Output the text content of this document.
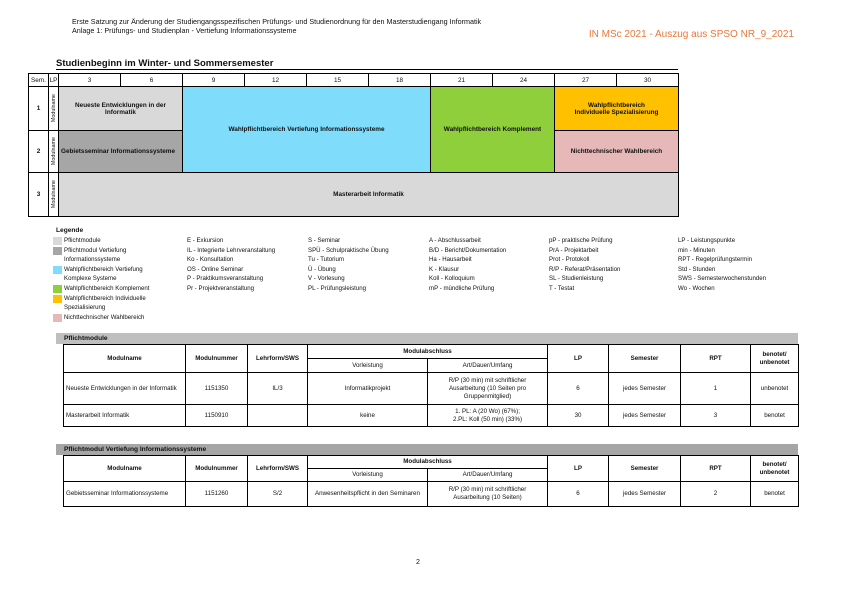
Erste Satzung zur Änderung der Studiengangsspezifischen Prüfungs- und Studienordnung für den Masterstudiengang Informatik
Anlage 1: Prüfungs- und Studienplan - Vertiefung Informationssysteme	IN MSc 2021 - Auszug aus SPSO NR_9_2021
Studienbeginn im Winter- und Sommersemester
Sem.	LP	3	6	9	12	15	18	21	24	27	30
1	Modulname	Neueste Entwicklungen in der Informatik		Wahlpflichtbereich Vertiefung Informationssysteme				Wahlpflichtbereich Komplement		Wahlpflichtbereich
Individuelle Spezialisierung	

2	Modulname	Gebietsseminar Informationssysteme								Nichttechnischer Wahlbereich	
3	Modulname	Masterarbeit Informatik									
Legende
Pflichtmodule
Pflichtmodul Vertiefung Informationssysteme
Wahlpflichtbereich Vertiefung Komplexe Systeme
Wahlpflichtbereich Komplement
Wahlpflichtbereich Individuelle Spezialisierung
Nichttechnischer Wahlbereich
E - Exkursion
IL - Integrierte Lehrveranstaltung
Ko - Konsultation
OS - Online Seminar
P - Praktikumsveranstaltung
Pr - Projektveranstaltung
S - Seminar
SPÜ - Schulpraktische Übung
Tu - Tutorium
Ü - Übung
V - Vorlesung
PL - Prüfungsleistung
A - Abschlussarbeit
B/D - Bericht/Dokumentation
Ha - Hausarbeit
K - Klausur
Koll - Kolloquium
mP - mündliche Prüfung
pP - praktische Prüfung
PrA - Projektarbeit
Prot - Protokoll
R/P - Referat/Präsentation
SL - Studienleistung
T - Testat
LP - Leistungspunkte
min - Minuten
RPT - Regelprüfungstermin
Std - Stunden
SWS - Semesterwochenstunden
Wo - Wochen
Pflichtmodule
Modulname	Modulnummer	Lehrform/SWS	Modulabschluss		LP	Semester	RPT	benotet/ unbenotet
			Vorleistung	Art/Dauer/Umfang				
Neueste Entwicklungen in der Informatik	1151350	IL/3	Informatikprojekt	R/P (30 min) mit schriftlicher Ausarbeitung (10 Seiten pro Gruppenmitglied)	6	jedes Semester	1	unbenotet
Masterarbeit Informatik	1150910		keine	1. PL: A (20 Wo) (67%);
2.PL: Koll (50 min) (33%)	30	jedes Semester	3	benotet
Pflichtmodul Vertiefung Informationssysteme
Modulname	Modulnummer	Lehrform/SWS	Modulabschluss		LP	Semester	RPT	benotet/ unbenotet
			Vorleistung	Art/Dauer/Umfang				
Gebietsseminar Informationssysteme	1151260	S/2	Anwesenheitspflicht in den Seminaren	R/P (30 min) mit schriftlicher Ausarbeitung (10 Seiten)	6	jedes Semester	2	benotet
2
